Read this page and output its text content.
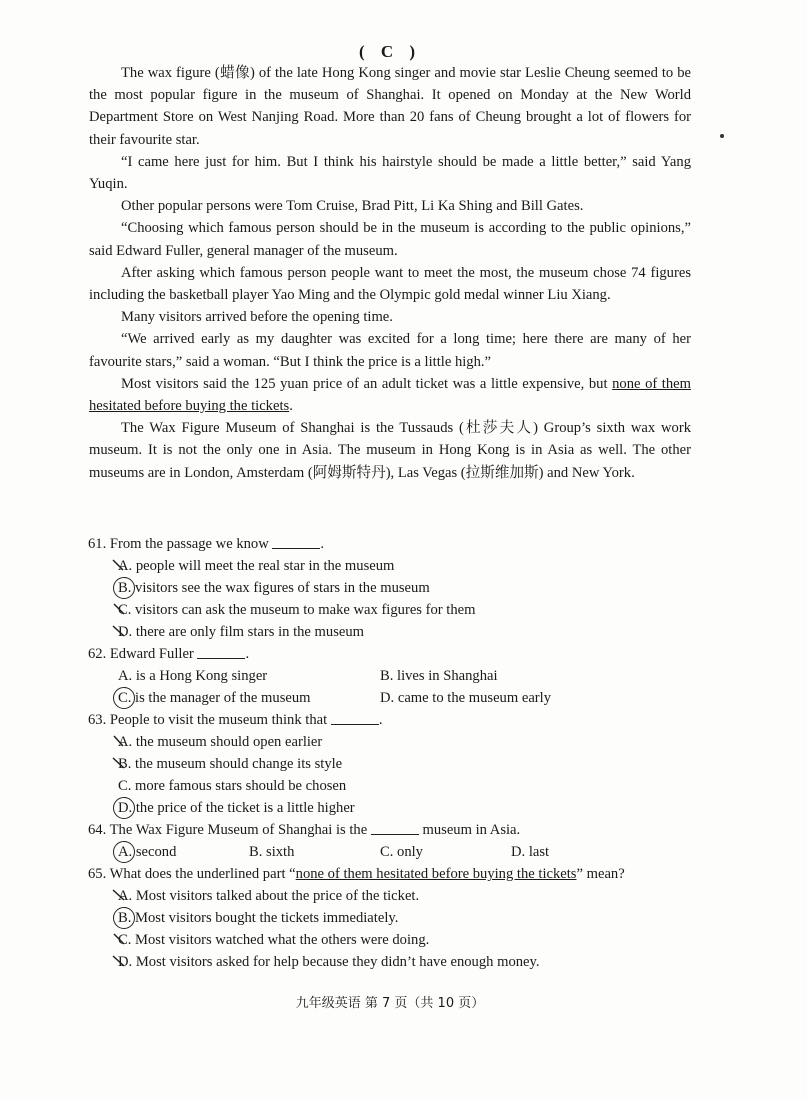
( C )

The wax figure (蜡像) of the late Hong Kong singer and movie star Leslie Cheung seemed to be the most popular figure in the museum of Shanghai. It opened on Monday at the New World Department Store on West Nanjing Road. More than 20 fans of Cheung brought a lot of flowers for their favourite star.

“I came here just for him. But I think his hairstyle should be made a little better,” said Yang Yuqin.

Other popular persons were Tom Cruise, Brad Pitt, Li Ka Shing and Bill Gates.

“Choosing which famous person should be in the museum is according to the public opinions,” said Edward Fuller, general manager of the museum.

After asking which famous person people want to meet the most, the museum chose 74 figures including the basketball player Yao Ming and the Olympic gold medal winner Liu Xiang.

Many visitors arrived before the opening time.

“We arrived early as my daughter was excited for a long time; here there are many of her favourite stars,” said a woman. “But I think the price is a little high.”

Most visitors said the 125 yuan price of an adult ticket was a little expensive, but none of them hesitated before buying the tickets.

The Wax Figure Museum of Shanghai is the Tussauds (杜莎夫人) Group’s sixth wax work museum. It is not the only one in Asia. The museum in Hong Kong is in Asia as well. The other museums are in London, Amsterdam (阿姆斯特丹), Las Vegas (拉斯维加斯) and New York.

61. From the passage we know	.
A. people will meet the real star in the museum
B. visitors see the wax figures of stars in the museum
C. visitors can ask the museum to make wax figures for them
D. there are only film stars in the museum
62. Edward Fuller	.
A. is a Hong Kong singer	B. lives in Shanghai
C. is the manager of the museum	D. came to the museum early
63. People to visit the museum think that	.
A. the museum should open earlier
B. the museum should change its style
C. more famous stars should be chosen
D. the price of the ticket is a little higher
64. The Wax Figure Museum of Shanghai is the	museum in Asia.
A. second	B. sixth	C. only	D. last
65. What does the underlined part “none of them hesitated before buying the tickets” mean?
A. Most visitors talked about the price of the ticket.
B. Most visitors bought the tickets immediately.
C. Most visitors watched what the others were doing.
D. Most visitors asked for help because they didn’t have enough money.
九年级英语 第 7 页（共 10 页）
